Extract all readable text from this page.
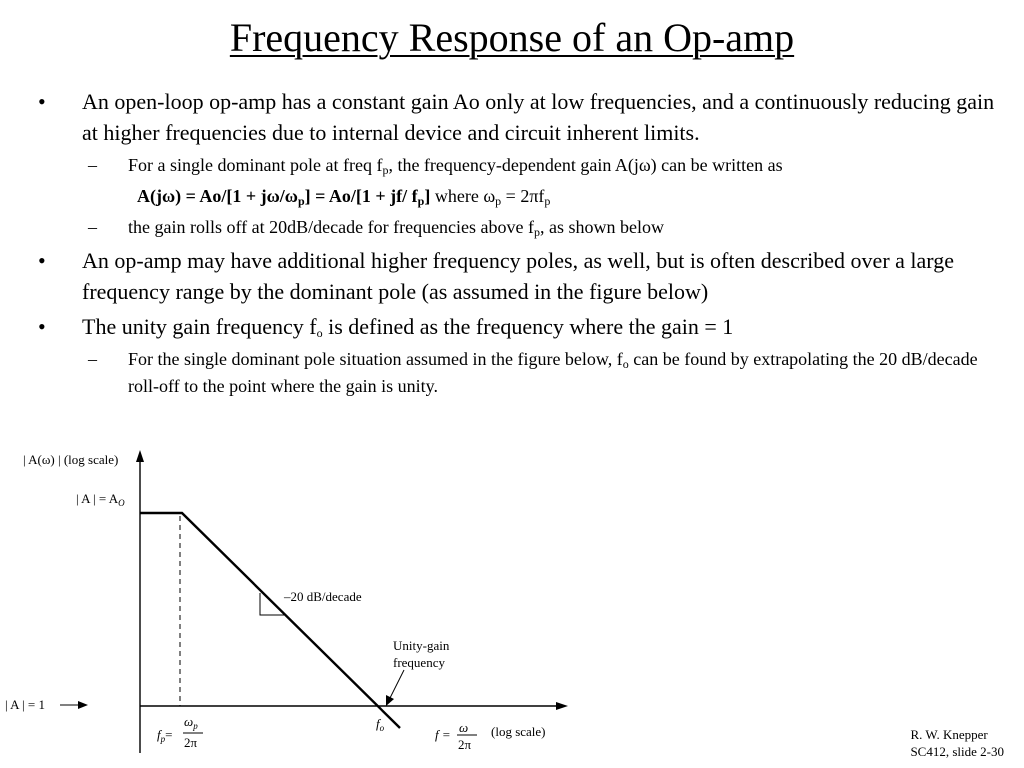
Frequency Response of an Op-amp
•	An open-loop op-amp has a constant gain Ao only at low frequencies, and a continuously reducing gain at higher frequencies due to internal device and circuit inherent limits.
–	For a single dominant pole at freq $f_p$, the frequency-dependent gain A(jω) can be written as
$A(j\omega) = Ao/[1 + j\omega/\omega_p] = Ao/[1 + jf/$ $f_p$] where $\omega_p = 2\pi f_p$
–	the gain rolls off at 20dB/decade for frequencies above $f_p$, as shown below
•	An op-amp may have additional higher frequency poles, as well, but is often described over a large frequency range by the dominant pole (as assumed in the figure below)
•	The unity gain frequency $f_o$ is defined as the frequency where the gain = 1
–	For the single dominant pole situation assumed in the figure below, $f_o$ can be found by extrapolating the 20 dB/decade roll-off to the point where the gain is unity.
| A(ω) | (log scale)
| A | = $A_O$
–20 dB/decade
Unity-gain
frequency
| A | = 1
$f_p=$
$\omega_p$
2π
$f_o$	f = ω
2π
(log scale)	R. W. Knepper
SC412, slide 2-30
